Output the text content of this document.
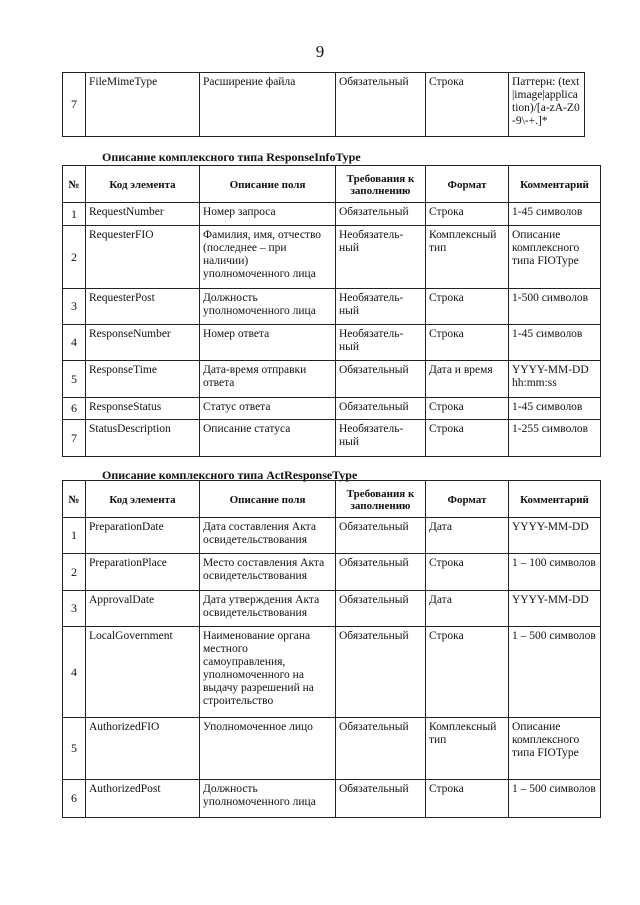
9
7	FileMimeType	Расширение файла	Обязательный	Строка	Паттерн: (text|image|application)/[a-zA-Z0-9\-+.]*
Описание комплексного типа ResponseInfoType
№	Код элемента	Описание поля	Требования к заполнению	Формат	Комментарий
1	RequestNumber	Номер запроса	Обязательный	Строка	1-45 символов
2	RequesterFIO	Фамилия, имя, отчество (последнее – при наличии) уполномоченного лица	Необязатель-ный	Комплексный тип	Описание комплексного типа FIOType
3	RequesterPost	Должность уполномоченного лица	Необязатель-ный	Строка	1-500 символов
4	ResponseNumber	Номер ответа	Необязатель-ный	Строка	1-45 символов
5	ResponseTime	Дата-время отправки ответа	Обязательный	Дата и время	YYYY-MM-DD hh:mm:ss
6	ResponseStatus	Статус ответа	Обязательный	Строка	1-45 символов
7	StatusDescription	Описание статуса	Необязатель-ный	Строка	1-255 символов
Описание комплексного типа ActResponseType
№	Код элемента	Описание поля	Требования к заполнению	Формат	Комментарий
1	PreparationDate	Дата составления Акта освидетельствования	Обязательный	Дата	YYYY-MM-DD
2	PreparationPlace	Место составления Акта освидетельствования	Обязательный	Строка	1 – 100 символов
3	ApprovalDate	Дата утверждения Акта освидетельствования	Обязательный	Дата	YYYY-MM-DD
4	LocalGovernment	Наименование органа местного самоуправления, уполномоченного на выдачу разрешений на строительство	Обязательный	Строка	1 – 500 символов
5	AuthorizedFIO	Уполномоченное лицо	Обязательный	Комплексный тип	Описание комплексного типа FIOType
6	AuthorizedPost	Должность уполномоченного лица	Обязательный	Строка	1 – 500 символов
